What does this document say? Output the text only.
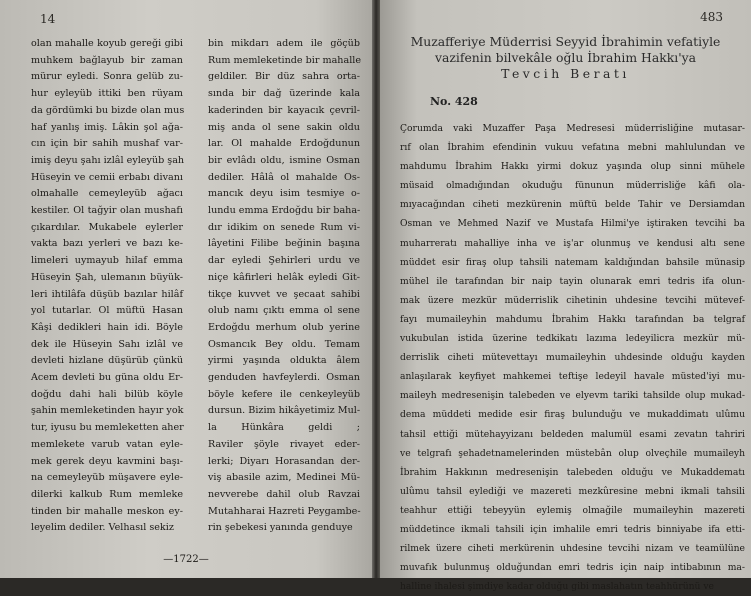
14
olan mahalle koyub gereği gibi
muhkem bağlayub bir zaman
mürur eyledi. Sonra gelüb zu-
hur eyleyüb ittiki ben rüyam
da gördümki bu bizde olan mus
haf yanlış imiş. Lâkin şol ağa-
cın için bir sahih mushaf var-
imiş deyu şahı izlâl eyleyüb şah
Hüseyin ve cemii erbabı divanı
olmahalle cemeyleyüb ağacı
kestiler. Ol tağyir olan mushafı
çıkardılar. Mukabele eylerler
vakta bazı yerleri ve bazı ke-
limeleri uymayub hilaf emma
Hüseyin Şah, ulemanın büyük-
leri ihtilâfa düşüb bazılar hilâf
yol tutarlar. Ol müftü Hasan
Kâşi dedikleri hain idi. Böyle
dek ile Hüseyin Sahı izlâl ve
devleti hizlane düşürüb çünkü
Acem devleti bu güna oldu Er-
doğdu dahi hali bilüb köyle
şahin memleketinden hayır yok
tur, iyusu bu memleketten aher
memlekete varub vatan eyle-
mek gerek deyu kavmini başı-
na cemeyleyüb müşavere eyle-
dilerki kalkub Rum memleke
tinden bir mahalle meskon ey-
leyelim dediler. Velhasıl sekiz
bin mikdarı adem ile göçüb
Rum memleketinde bir mahalle
geldiler. Bir düz sahra orta-
sında bir dağ üzerinde kala
kaderinden bir kayacık çevril-
miş anda ol sene sakin oldu
lar. Ol mahalde Erdoğdunun
bir evlâdı oldu, ismine Osman
dediler. Hâlâ ol mahalde Os-
mancık deyu isim tesmiye o-
lundu emma Erdoğdu bir baha-
dır idikim on senede Rum vi-
lâyetini Filibe beğinin başına
dar eyledi Şehirleri urdu ve
niçe kâfirleri helâk eyledi Git-
tikçe kuvvet ve şecaat sahibi
olub namı çıktı emma ol sene
Erdoğdu merhum olub yerine
Osmancık Bey oldu. Temam
yirmi yaşında oldukta âlem
genduden havfeylerdi. Osman
böyle kefere ile cenkeyleyüb
dursun. Bizim hikâyetimiz Mul-
la Hünkâra geldi ;
Raviler şöyle rivayet eder-
lerki; Diyarı Horasandan der-
viş abasile azim, Medinei Mü-
nevverebe dahil olub Ravzai
Mutahharai Hazreti Peygambe-
rin şebekesi yanında genduye
—1722—
483
Muzafferiye Müderrisi Seyyid İbrahimin vefatiyle
vazifenin bilvekâle oğlu İbrahim Hakkı'ya
Tevcih Beratı
No. 428
Çorumda vaki Muzaffer Paşa Medresesi müderrisliğine mutasar-
rıf olan İbrahim efendinin vukuu vefatına mebni mahlulundan ve
mahdumu İbrahim Hakkı yirmi dokuz yaşında olup sinni mühele
müsaid olmadığından okuduğu fünunun müderrisliğe kâfi ola-
mıyacağından ciheti mezkürenin müftü belde Tahir ve Dersiamdan
Osman ve Mehmed Nazif ve Mustafa Hilmi'ye iştiraken tevcihi ba
muharreratı mahalliye inha ve iş'ar olunmuş ve kendusi altı sene
müddet esir firaş olup tahsili natemam kaldığından bahsile münasip
mühel ile tarafından bir naip tayin olunarak emri tedris ifa olun-
mak üzere mezkür müderrislik cihetinin uhdesine tevcihi mütevef-
fayı mumaileyhin mahdumu İbrahim Hakkı tarafından ba telgraf
vukubulan istida üzerine tedkikatı lazıma ledeyilicra mezkür mü-
derrislik ciheti mütevettayı mumaileyhin uhdesinde olduğu kayden
anlaşılarak keyfiyet mahkemei teftişe ledeyil havale müsted'iyi mu-
maileyh medresenişin talebeden ve elyevm tariki tahsilde olup mukad-
dema müddeti medide esir firaş bulunduğu ve mukaddimatı ulûmu
tahsil ettiği mütehayyizanı beldeden malumül esami zevatın tahriri
ve telgrafı şehadetnamelerinden müstebân olup olveçhile mumaileyh
İbrahim Hakkının medresenişin talebeden olduğu ve Mukaddematı
ulûmu tahsil eylediği ve mazereti mezkûresine mebni ikmali tahsili
teahhur ettiği tebeyyün eylemiş olmağile mumaileyhin mazereti
müddetince ikmali tahsili için imhalile emri tedris binniyabe ifa etti-
rilmek üzere ciheti merkürenin uhdesine tevcihi nizam ve teamülüne
muvafık bulunmuş olduğundan emri tedris için naip intibabının ma-
halline ihalesi şimdiye kadar olduğu gibi maslahatın teahhürünü ve
